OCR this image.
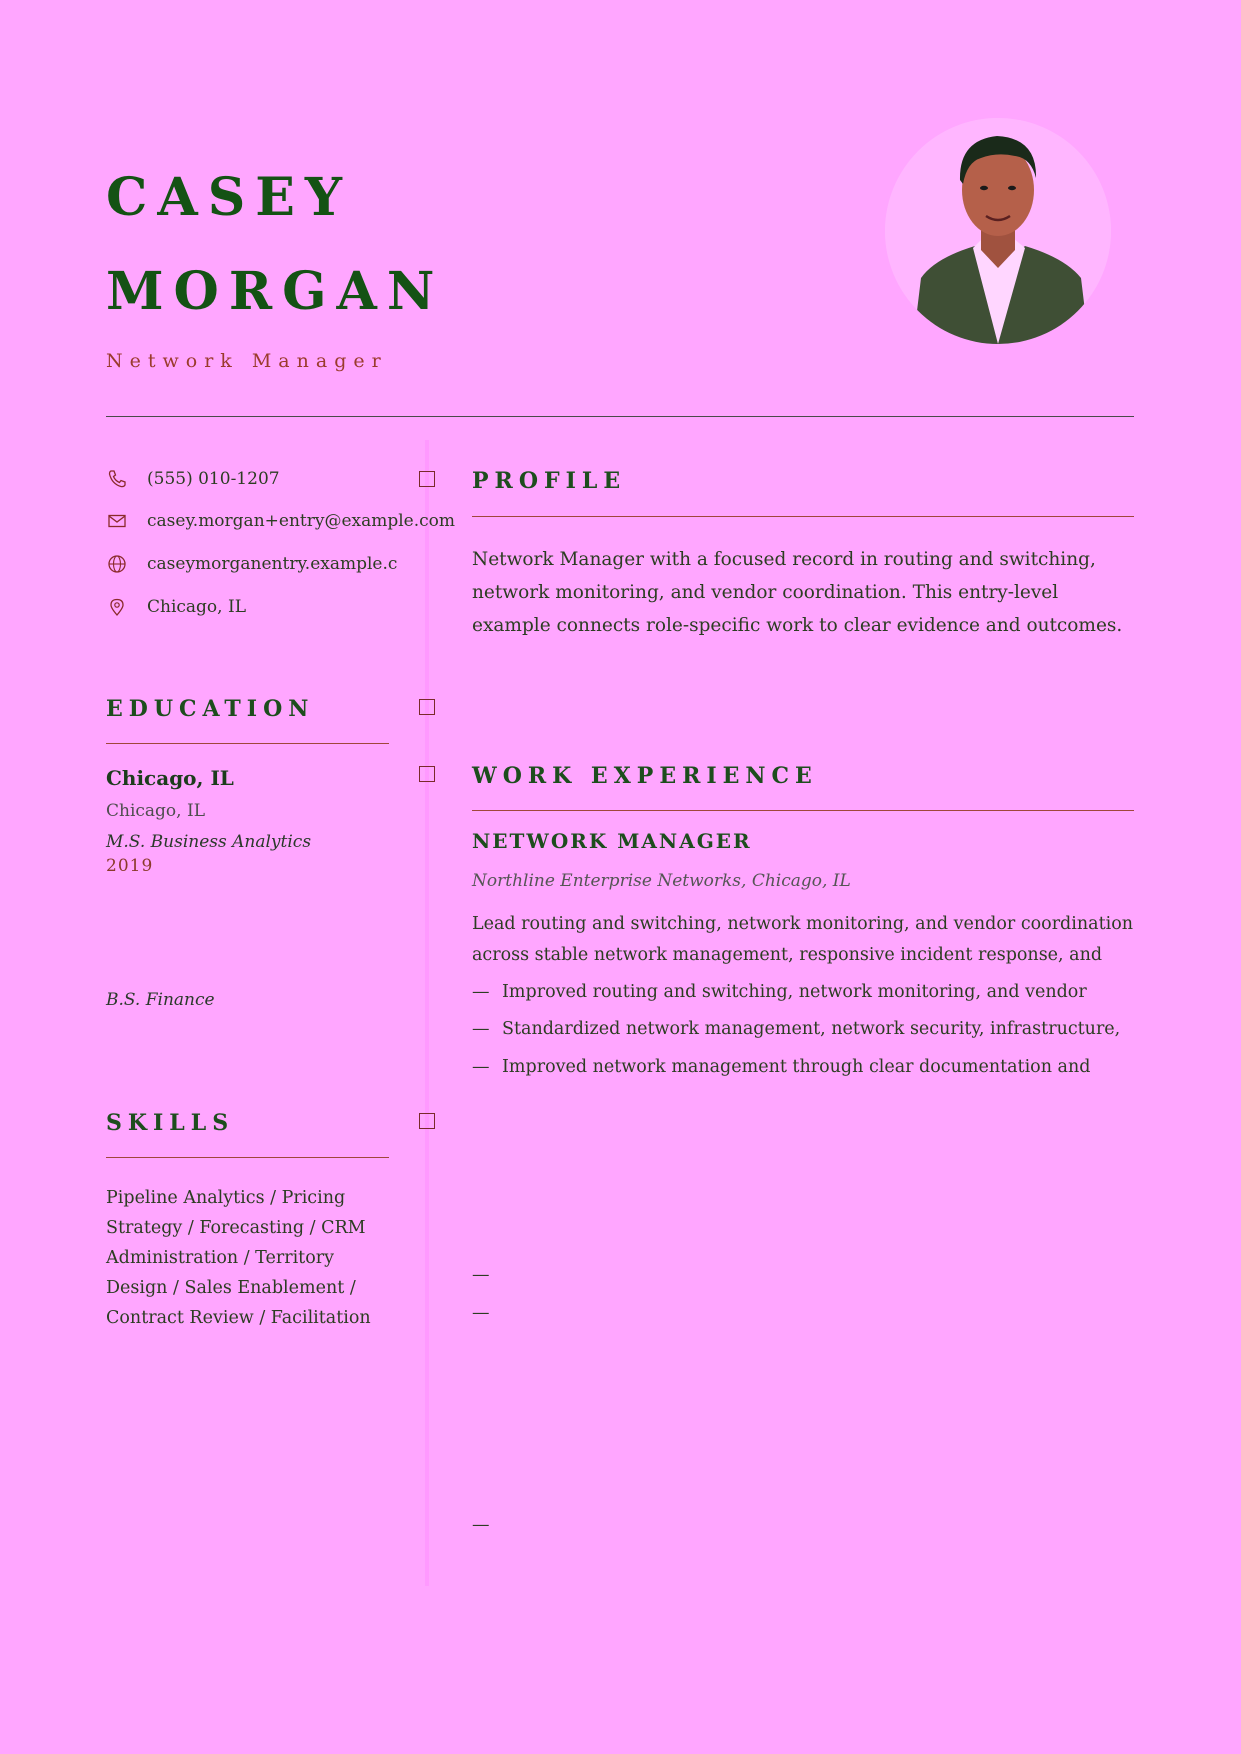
CASEY
MORGAN
Network Manager
(555) 010-1207
casey.morgan+entry@example.com
caseymorganentry.example.c
Chicago, IL
PROFILE
Network Manager with a focused record in routing and switching, network monitoring, and vendor coordination. This entry-level example connects role-specific work to clear evidence and outcomes.
EDUCATION
Chicago, IL
Chicago, IL
M.S. Business Analytics
2019
B.S. Finance
WORK EXPERIENCE
NETWORK MANAGER
Northline Enterprise Networks, Chicago, IL
Lead routing and switching, network monitoring, and vendor coordination across stable network management, responsive incident response, and
— Improved routing and switching, network monitoring, and vendor
— Standardized network management, network security, infrastructure,
— Improved network management through clear documentation and
—
—
—
SKILLS
Pipeline Analytics / Pricing Strategy / Forecasting / CRM Administration / Territory Design / Sales Enablement / Contract Review / Facilitation
